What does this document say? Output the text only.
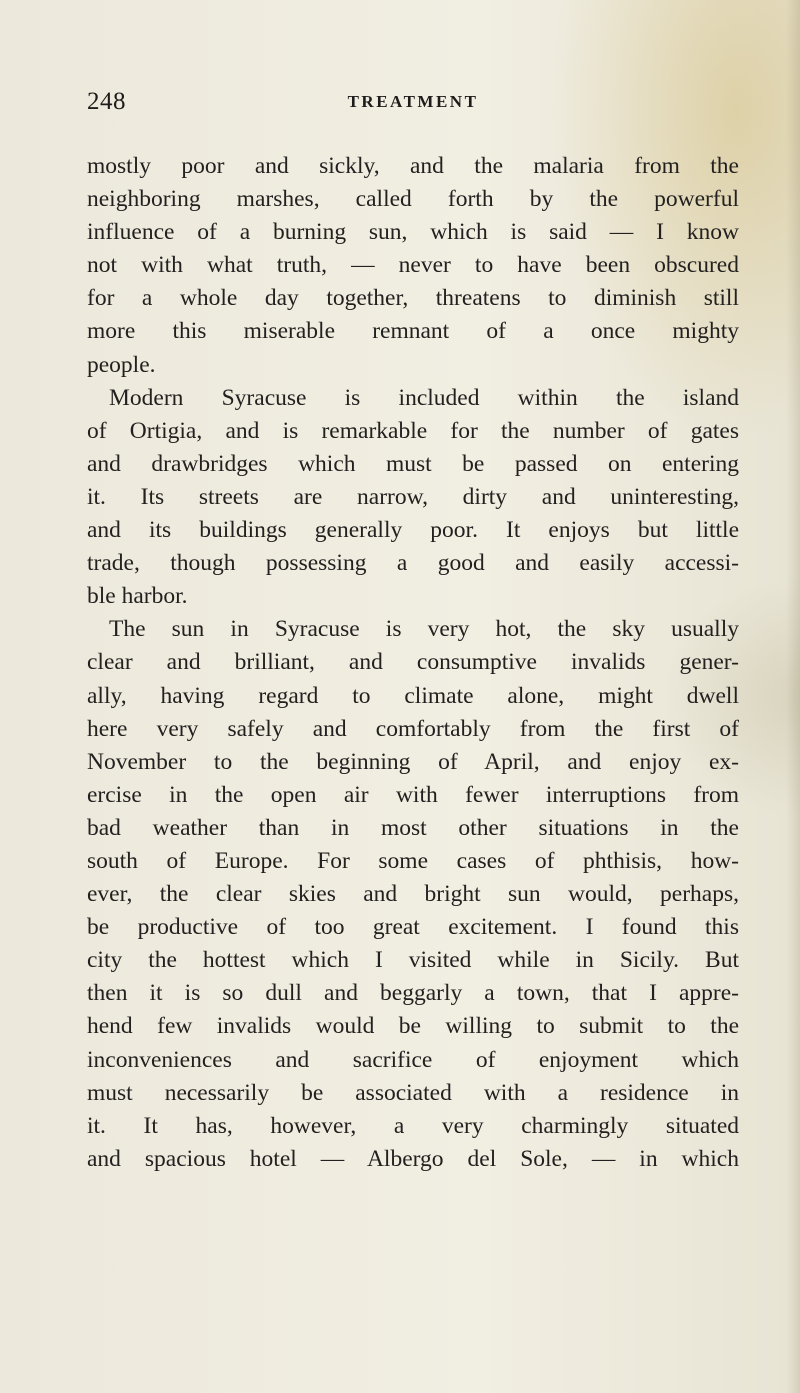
248	TREATMENT
mostly poor and sickly, and the malaria from the
neighboring marshes, called forth by the powerful
influence of a burning sun, which is said — I know
not with what truth, — never to have been obscured
for a whole day together, threatens to diminish still
more this miserable remnant of a once mighty
people.
Modern Syracuse is included within the island
of Ortigia, and is remarkable for the number of gates
and drawbridges which must be passed on entering
it. Its streets are narrow, dirty and uninteresting,
and its buildings generally poor. It enjoys but little
trade, though possessing a good and easily accessi-
ble harbor.
The sun in Syracuse is very hot, the sky usually
clear and brilliant, and consumptive invalids gener-
ally, having regard to climate alone, might dwell
here very safely and comfortably from the first of
November to the beginning of April, and enjoy ex-
ercise in the open air with fewer interruptions from
bad weather than in most other situations in the
south of Europe. For some cases of phthisis, how-
ever, the clear skies and bright sun would, perhaps,
be productive of too great excitement. I found this
city the hottest which I visited while in Sicily. But
then it is so dull and beggarly a town, that I appre-
hend few invalids would be willing to submit to the
inconveniences and sacrifice of enjoyment which
must necessarily be associated with a residence in
it. It has, however, a very charmingly situated
and spacious hotel — Albergo del Sole, — in which
